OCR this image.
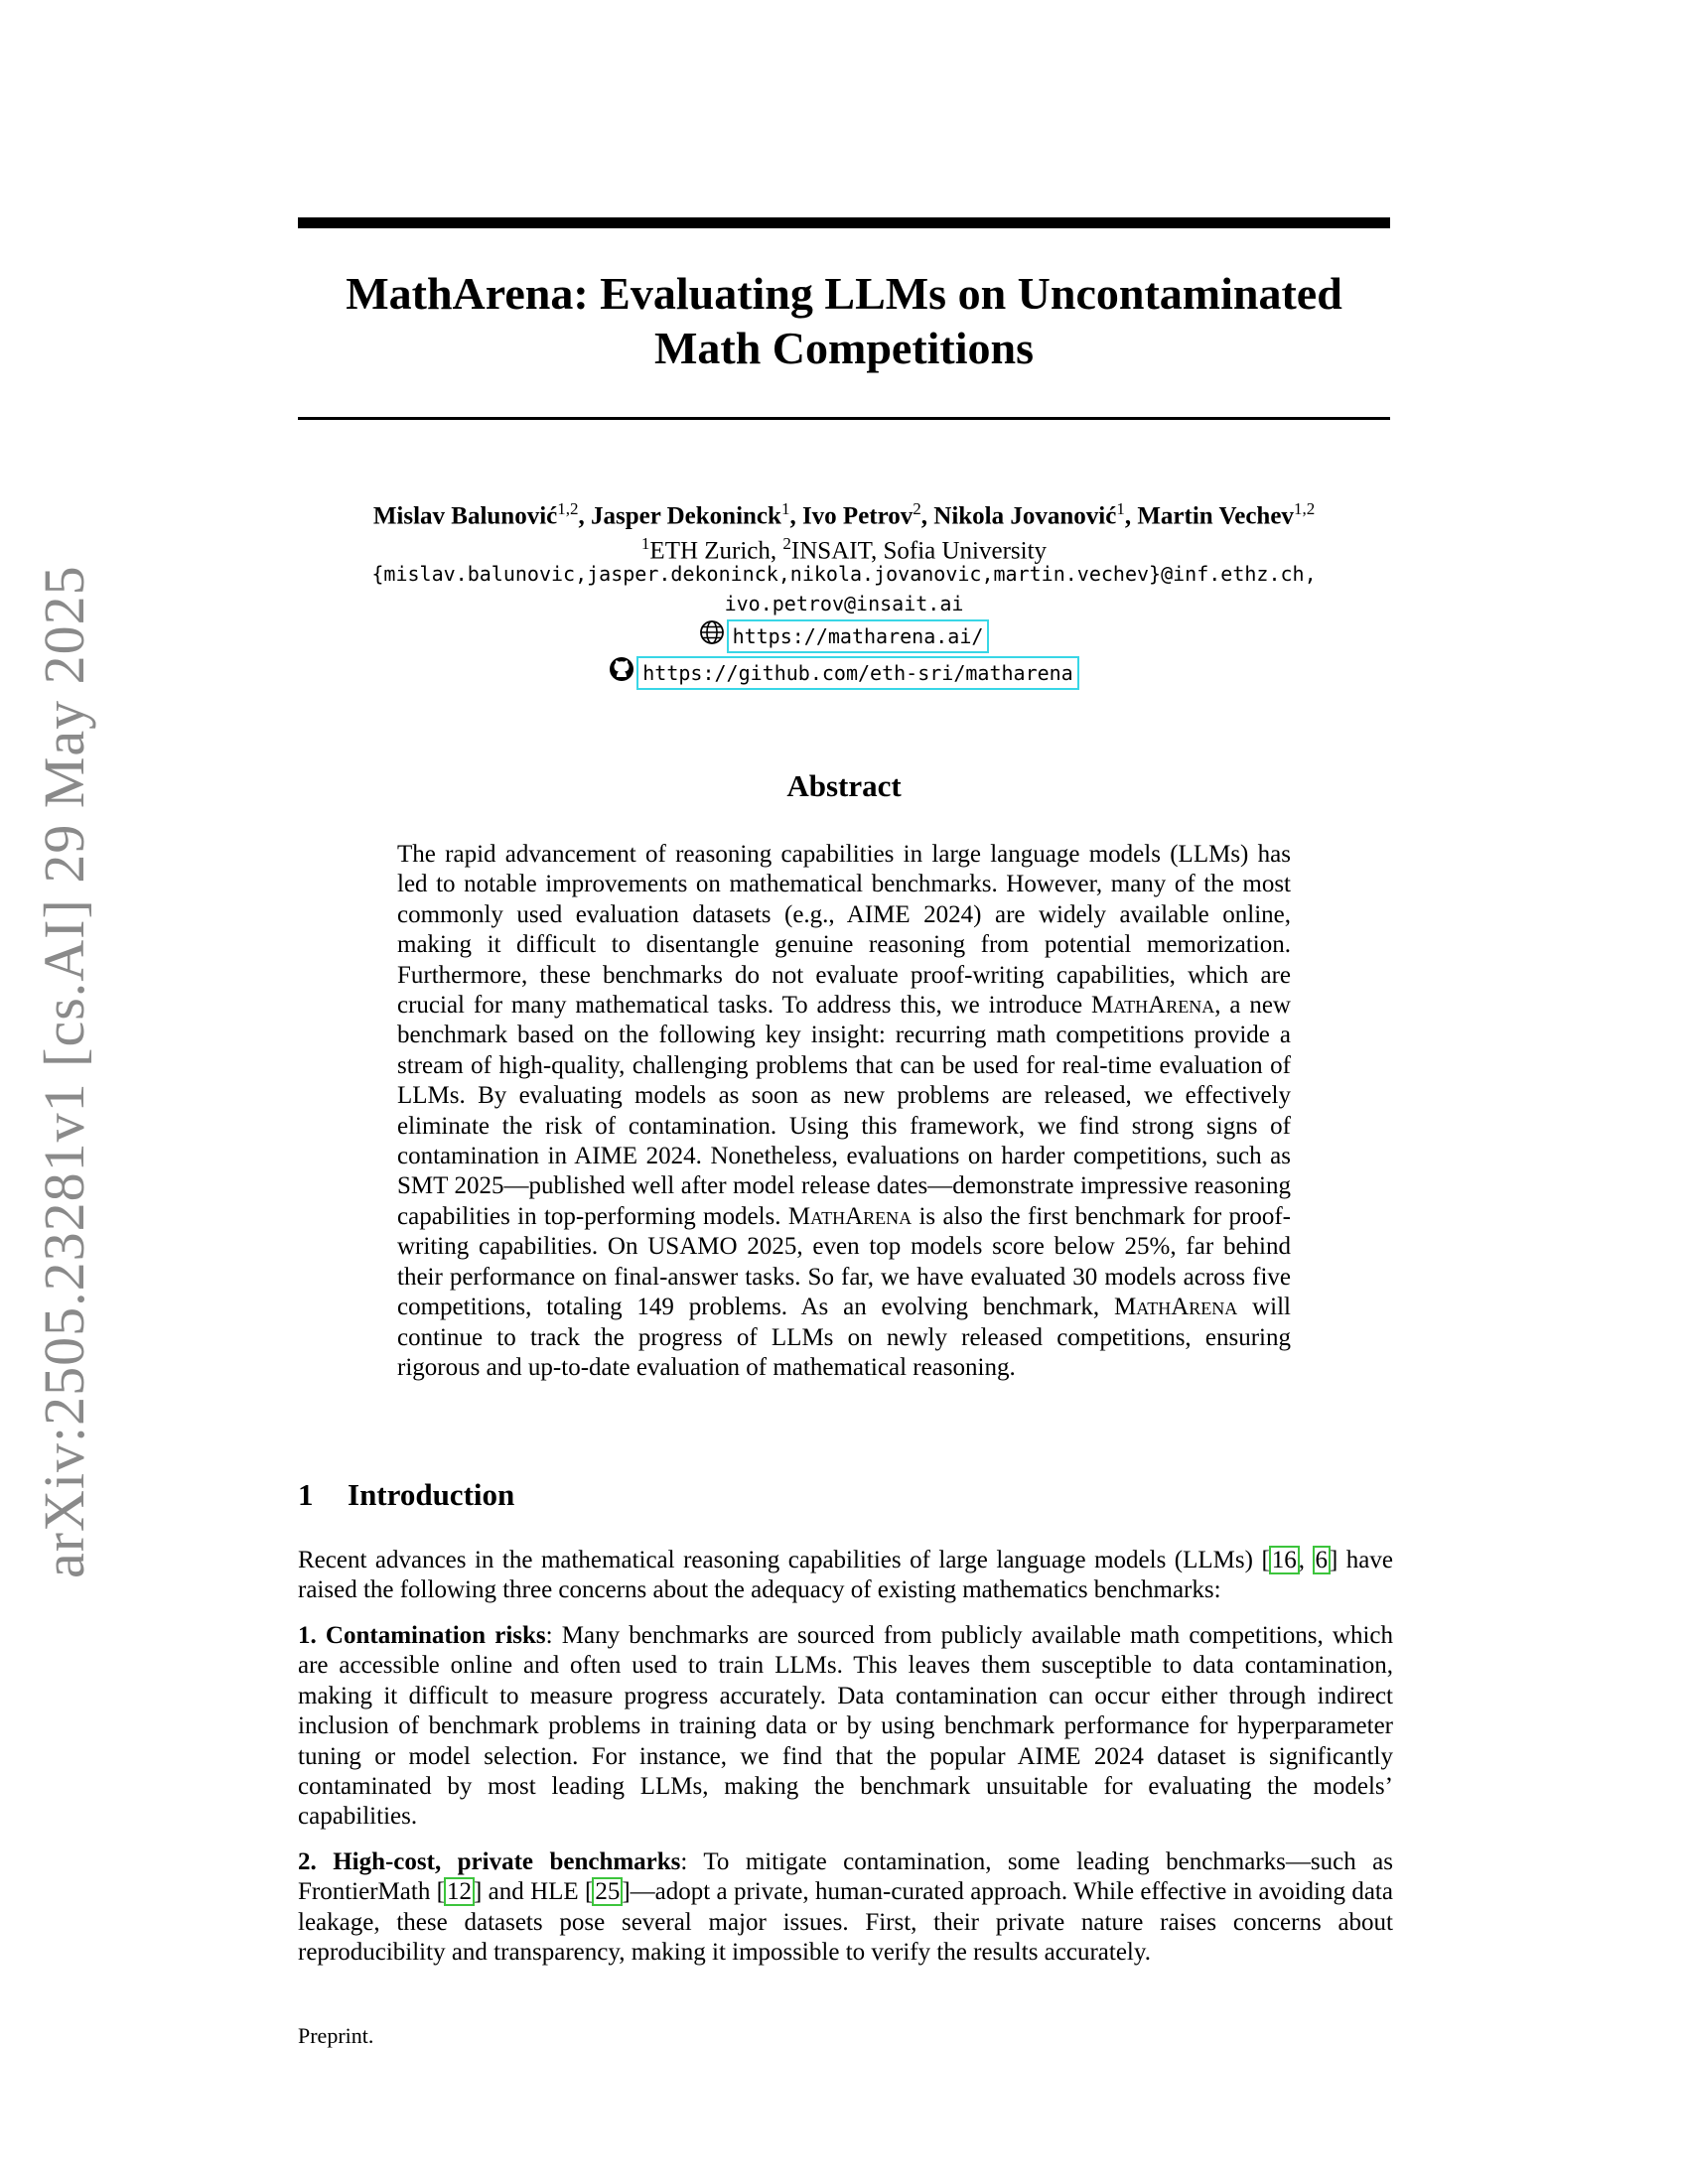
arXiv:2505.23281v1 [cs.AI] 29 May 2025
MathArena: Evaluating LLMs on Uncontaminated
Math Competitions
Mislav Balunović$^{1,2}$, Jasper Dekoninck$^1$, Ivo Petrov$^2$, Nikola Jovanović$^1$, Martin Vechev$^{1,2}$
$^1$ETH Zurich, $^2$INSAIT, Sofia University
{mislav.balunovic,jasper.dekoninck,nikola.jovanovic,martin.vechev}@inf.ethz.ch,
ivo.petrov@insait.ai
https://matharena.ai/
https://github.com/eth-sri/matharena
Abstract
The rapid advancement of reasoning capabilities in large language models (LLMs) has led to notable improvements on mathematical benchmarks. However, many of the most commonly used evaluation datasets (e.g., AIME 2024) are widely available online, making it difficult to disentangle genuine reasoning from potential memorization. Furthermore, these benchmarks do not evaluate proof-writing capabilities, which are crucial for many mathematical tasks. To address this, we introduce MathArena, a new benchmark based on the following key insight: recurring math competitions provide a stream of high-quality, challenging problems that can be used for real-time evaluation of LLMs. By evaluating models as soon as new problems are released, we effectively eliminate the risk of contamination. Using this framework, we find strong signs of contamination in AIME 2024. Nonetheless, evaluations on harder competitions, such as SMT 2025—published well after model release dates—demonstrate impressive reasoning capabilities in top-performing models. MathArena is also the first benchmark for proof-writing capabilities. On USAMO 2025, even top models score below 25%, far behind their performance on final-answer tasks. So far, we have evaluated 30 models across five competitions, totaling 149 problems. As an evolving benchmark, MathArena will continue to track the progress of LLMs on newly released competitions, ensuring rigorous and up-to-date evaluation of mathematical reasoning.
1 Introduction
Recent advances in the mathematical reasoning capabilities of large language models (LLMs) [16, 6] have raised the following three concerns about the adequacy of existing mathematics benchmarks:
1. Contamination risks: Many benchmarks are sourced from publicly available math competitions, which are accessible online and often used to train LLMs. This leaves them susceptible to data contamination, making it difficult to measure progress accurately. Data contamination can occur either through indirect inclusion of benchmark problems in training data or by using benchmark performance for hyperparameter tuning or model selection. For instance, we find that the popular AIME 2024 dataset is significantly contaminated by most leading LLMs, making the benchmark unsuitable for evaluating the models’ capabilities.
2. High-cost, private benchmarks: To mitigate contamination, some leading benchmarks—such as FrontierMath [12] and HLE [25]—adopt a private, human-curated approach. While effective in avoiding data leakage, these datasets pose several major issues. First, their private nature raises concerns about reproducibility and transparency, making it impossible to verify the results accurately.
Preprint.
